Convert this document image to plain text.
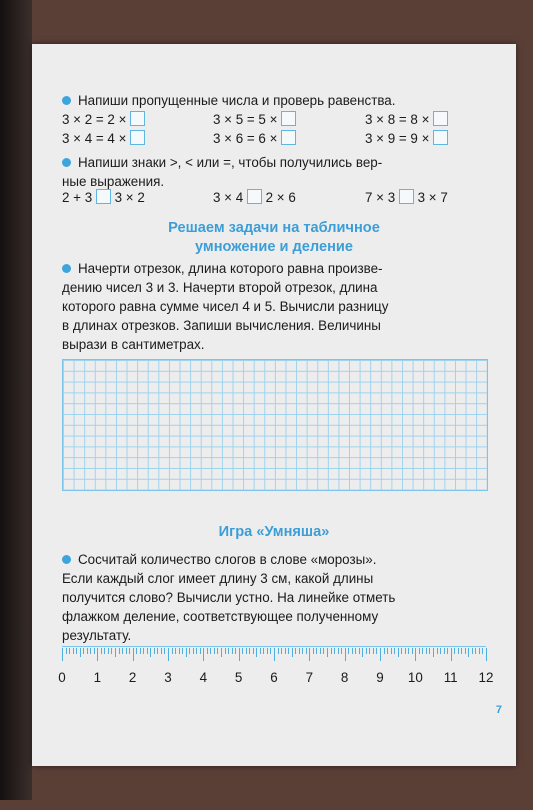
Напиши пропущенные числа и проверь равенства.
3 × 2 = 2 ×
3 × 4 = 4 ×
3 × 5 = 5 ×
3 × 6 = 6 ×
3 × 8 = 8 ×
3 × 9 = 9 ×
Напиши знаки >, < или =, чтобы получились вер-
ные выражения.
2 + 3 3 × 2	3 × 4 2 × 6	7 × 3 3 × 7
Решаем задачи на табличное
умножение и деление
Начерти отрезок, длина которого равна произве-
дению чисел 3 и 3. Начерти второй отрезок, длина
которого равна сумме чисел 4 и 5. Вычисли разницу
в длинах отрезков. Запиши вычисления. Величины
вырази в сантиметрах.
Игра «Умняша»
Сосчитай количество слогов в слове «морозы».
Если каждый слог имеет длину 3 см, какой длины
получится слово? Вычисли устно. На линейке отметь
флажком деление, соответствующее полученному
результату.
0 1 2 3 4 5 6 7 8 9 10 11 12
7
